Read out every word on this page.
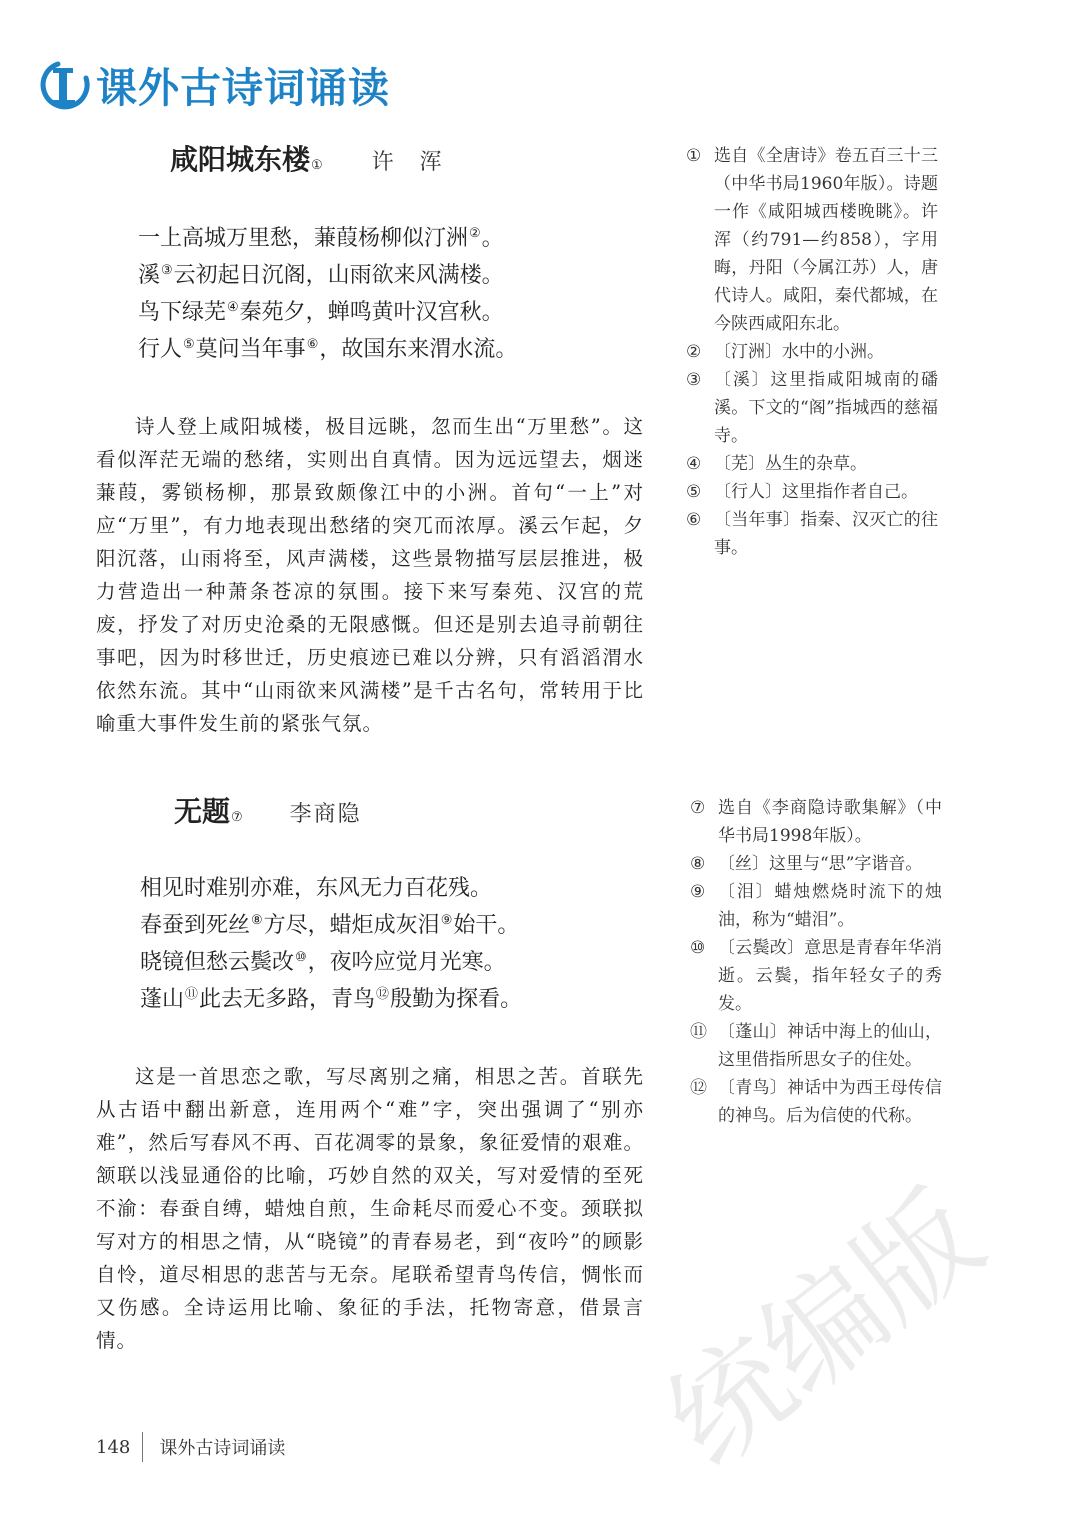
课外古诗词诵读
咸阳城东楼 ① 许　浑
一上高城万里愁，蒹葭杨柳似汀洲②。
溪③云初起日沉阁，山雨欲来风满楼。
鸟下绿芜④秦苑夕，蝉鸣黄叶汉宫秋。
行人⑤莫问当年事⑥，故国东来渭水流。

诗人登上咸阳城楼，极目远眺，忽而生出“万里愁”。这看似浑茫无端的愁绪，实则出自真情。因为远远望去，烟迷蒹葭，雾锁杨柳，那景致颇像江中的小洲。首句“一上”对应“万里”，有力地表现出愁绪的突兀而浓厚。溪云乍起，夕阳沉落，山雨将至，风声满楼，这些景物描写层层推进，极力营造出一种萧条苍凉的氛围。接下来写秦苑、汉宫的荒废，抒发了对历史沧桑的无限感慨。但还是别去追寻前朝往事吧，因为时移世迁，历史痕迹已难以分辨，只有滔滔渭水依然东流。其中“山雨欲来风满楼”是千古名句，常转用于比喻重大事件发生前的紧张气氛。

① 选自《全唐诗》卷五百三十三（中华书局1960年版）。诗题一作《咸阳城西楼晚眺》。许浑（约791—约858），字用晦，丹阳（今属江苏）人，唐代诗人。咸阳，秦代都城，在今陕西咸阳东北。
② 〔汀洲〕水中的小洲。
③ 〔溪〕这里指咸阳城南的磻溪。下文的“阁”指城西的慈福寺。
④ 〔芜〕丛生的杂草。
⑤ 〔行人〕这里指作者自己。
⑥ 〔当年事〕指秦、汉灭亡的往事。
无题 ⑦ 李商隐
相见时难别亦难，东风无力百花残。
春蚕到死丝⑧方尽，蜡炬成灰泪⑨始干。
晓镜但愁云鬓改⑩，夜吟应觉月光寒。
蓬山⑪此去无多路，青鸟⑫殷勤为探看。

这是一首思恋之歌，写尽离别之痛，相思之苦。首联先从古语中翻出新意，连用两个“难”字，突出强调了“别亦难”，然后写春风不再、百花凋零的景象，象征爱情的艰难。颔联以浅显通俗的比喻，巧妙自然的双关，写对爱情的至死不渝：春蚕自缚，蜡烛自煎，生命耗尽而爱心不变。颈联拟写对方的相思之情，从“晓镜”的青春易老，到“夜吟”的顾影自怜，道尽相思的悲苦与无奈。尾联希望青鸟传信，惆怅而又伤感。全诗运用比喻、象征的手法，托物寄意，借景言情。

⑦ 选自《李商隐诗歌集解》（中华书局1998年版）。
⑧ 〔丝〕这里与“思”字谐音。
⑨ 〔泪〕蜡烛燃烧时流下的烛油，称为“蜡泪”。
⑩ 〔云鬓改〕意思是青春年华消逝。云鬓，指年轻女子的秀发。
⑪ 〔蓬山〕神话中海上的仙山，这里借指所思女子的住处。
⑫ 〔青鸟〕神话中为西王母传信的神鸟。后为信使的代称。
148 课外古诗词诵读	统编版
